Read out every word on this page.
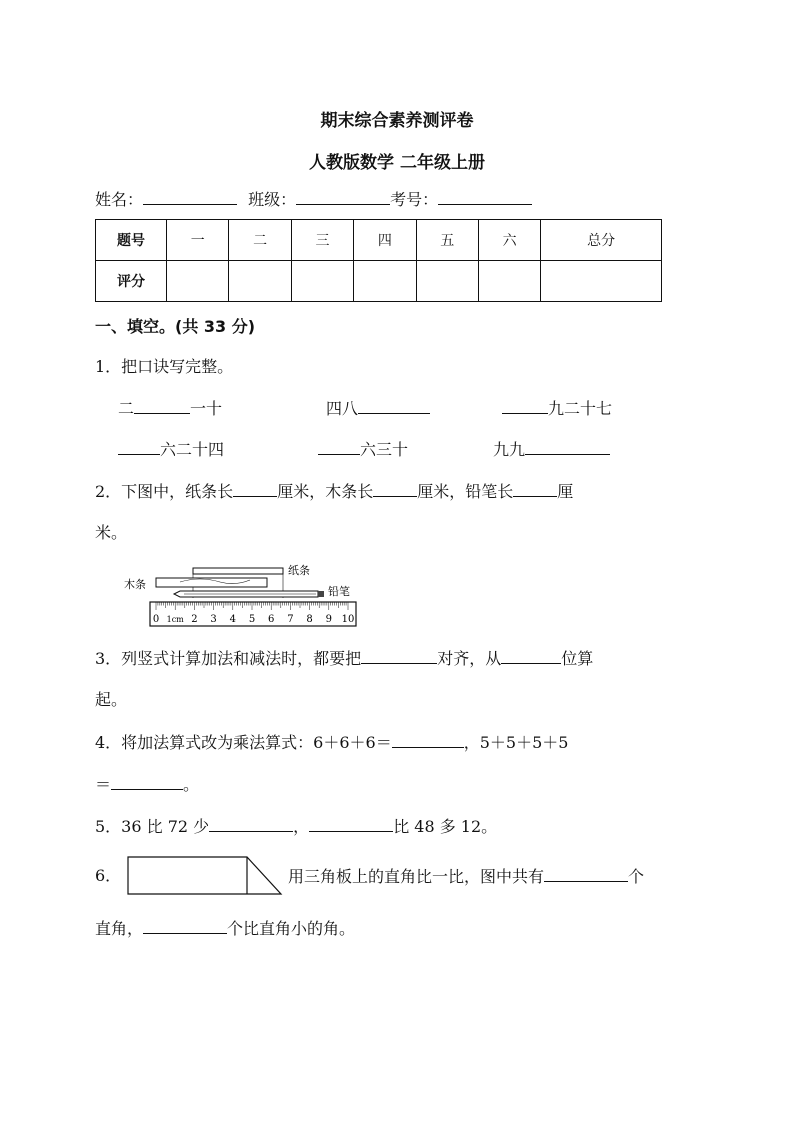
期末综合素养测评卷
人教版数学 二年级上册
姓名：	班级：	考号：
题号	一	二	三	四	五	六	总分
评分							
一、填空。(共 33 分)
1．把口诀写完整。
二	一十	四八	九二十七
六二十四	六三十	九九
2．下图中，纸条长	厘米，木条长	厘米，铅笔长	厘
米。
木条
纸条
铅笔
0 1cm 2 3 4 5 6 7 8 9 10
3．列竖式计算加法和减法时，都要把	对齐，从	位算
起。
4．将加法算式改为乘法算式：6＋6＋6＝	，5＋5＋5＋5
＝	。
5．36 比 72 少	，	比 48 多 12。
6．	用三角板上的直角比一比，图中共有	个
直角，	个比直角小的角。
